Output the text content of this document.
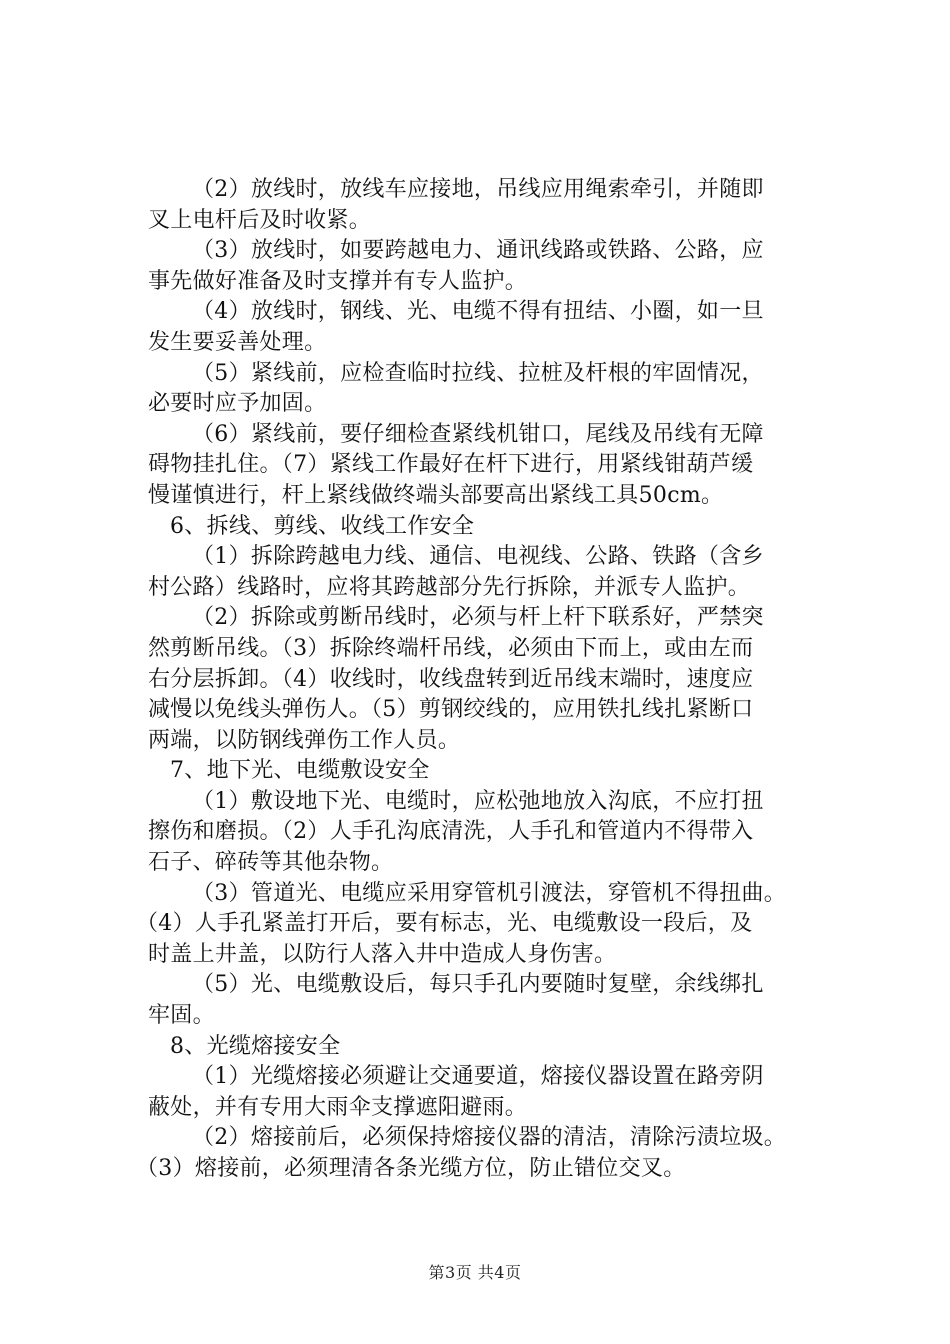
（2）放线时，放线车应接地，吊线应用绳索牵引，并随即
叉上电杆后及时收紧。
（3）放线时，如要跨越电力、通讯线路或铁路、公路，应
事先做好准备及时支撑并有专人监护。
（4）放线时，钢线、光、电缆不得有扭结、小圈，如一旦
发生要妥善处理。
（5）紧线前，应检查临时拉线、拉桩及杆根的牢固情况，
必要时应予加固。
（6）紧线前，要仔细检查紧线机钳口，尾线及吊线有无障
碍物挂扎住。（7）紧线工作最好在杆下进行，用紧线钳葫芦缓
慢谨慎进行，杆上紧线做终端头部要高出紧线工具50cm。
6、拆线、剪线、收线工作安全
（1）拆除跨越电力线、通信、电视线、公路、铁路（含乡
村公路）线路时，应将其跨越部分先行拆除，并派专人监护。
（2）拆除或剪断吊线时，必须与杆上杆下联系好，严禁突
然剪断吊线。（3）拆除终端杆吊线，必须由下而上，或由左而
右分层拆卸。（4）收线时，收线盘转到近吊线末端时，速度应
减慢以免线头弹伤人。（5）剪钢绞线的，应用铁扎线扎紧断口
两端，以防钢线弹伤工作人员。
7、地下光、电缆敷设安全
（1）敷设地下光、电缆时，应松弛地放入沟底，不应打扭
擦伤和磨损。（2）人手孔沟底清洗，人手孔和管道内不得带入
石子、碎砖等其他杂物。
（3）管道光、电缆应采用穿管机引渡法，穿管机不得扭曲。
（4）人手孔紧盖打开后，要有标志，光、电缆敷设一段后，及
时盖上井盖，以防行人落入井中造成人身伤害。
（5）光、电缆敷设后，每只手孔内要随时复壁，余线绑扎
牢固。
8、光缆熔接安全
（1）光缆熔接必须避让交通要道，熔接仪器设置在路旁阴
蔽处，并有专用大雨伞支撑遮阳避雨。
（2）熔接前后，必须保持熔接仪器的清洁，清除污渍垃圾。
（3）熔接前，必须理清各条光缆方位，防止错位交叉。
第3页 共4页
